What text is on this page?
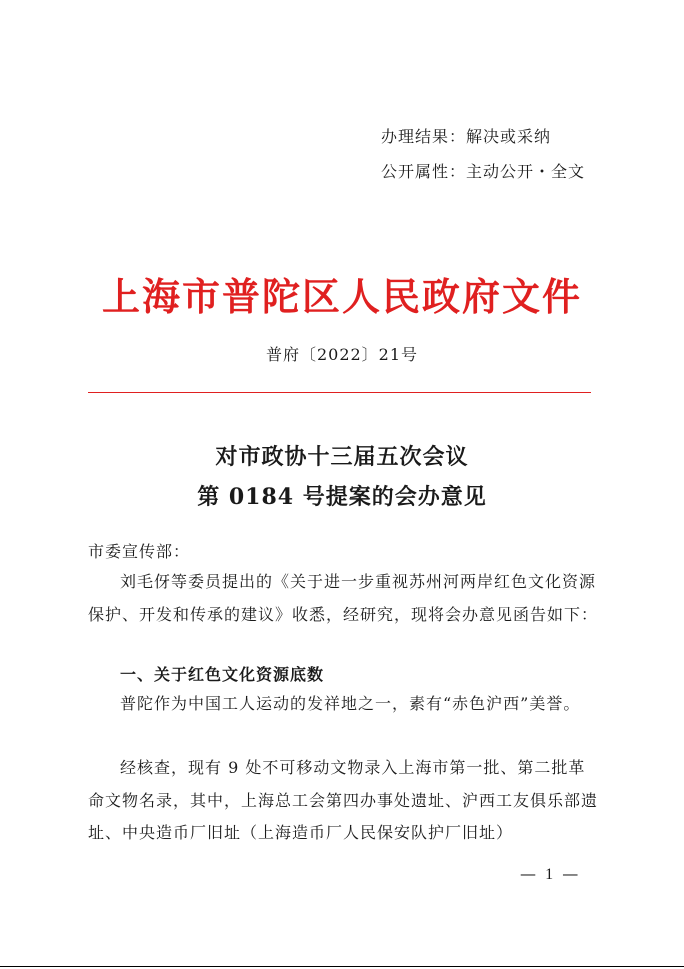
办理结果：解决或采纳
公开属性：主动公开・全文
上海市普陀区人民政府文件
普府〔2022〕21号
对市政协十三届五次会议
第 0184 号提案的会办意见
市委宣传部：
刘毛伢等委员提出的《关于进一步重视苏州河两岸红色文化资源保护、开发和传承的建议》收悉，经研究，现将会办意见函告如下：
一、关于红色文化资源底数
普陀作为中国工人运动的发祥地之一，素有“赤色沪西”美誉。
经核查，现有 9 处不可移动文物录入上海市第一批、第二批革命文物名录，其中，上海总工会第四办事处遗址、沪西工友俱乐部遗址、中央造币厂旧址（上海造币厂人民保安队护厂旧址）
— 1 —
